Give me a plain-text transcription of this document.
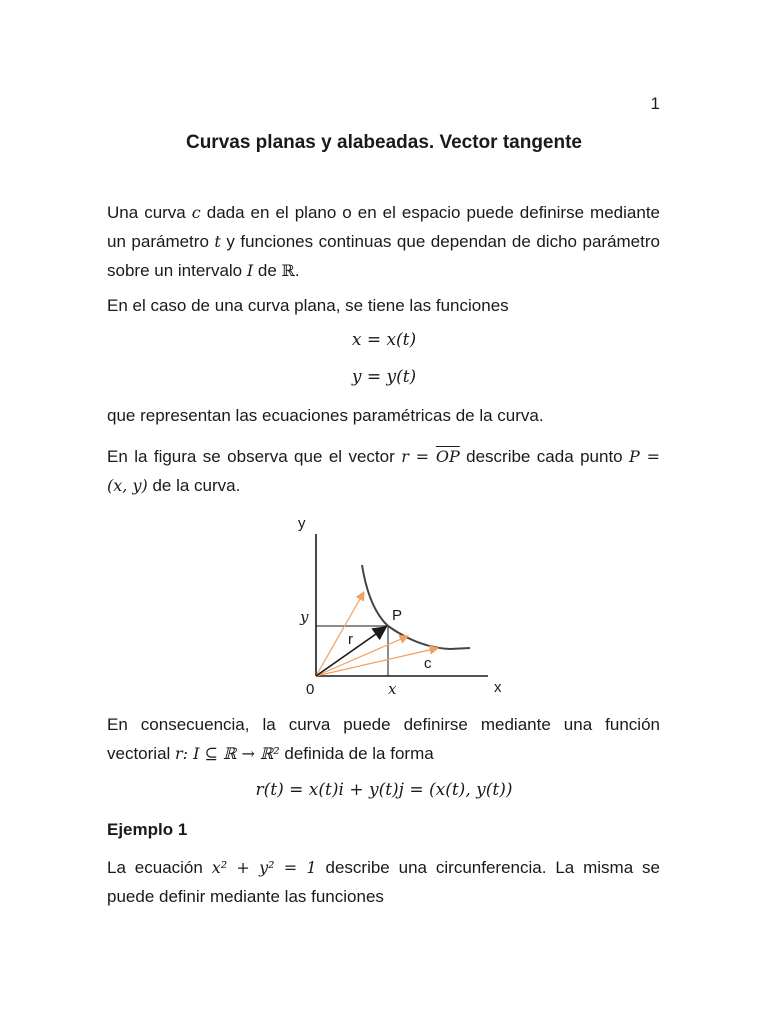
1
Curvas planas y alabeadas. Vector tangente
Una curva c dada en el plano o en el espacio puede definirse mediante un parámetro t y funciones continuas que dependan de dicho parámetro sobre un intervalo I de ℝ.
En el caso de una curva plana, se tiene las funciones
x = x(t)
y = y(t)
que representan las ecuaciones paramétricas de la curva.
En la figura se observa que el vector $r = \overline{OP}$ describe cada punto P = (x, y) de la curva.
y
x
0
y
x
P
r
c
En consecuencia, la curva puede definirse mediante una función vectorial r: I ⊆ ℝ → ℝ² definida de la forma
r(t) = x(t)i + y(t)j = (x(t), y(t))
Ejemplo 1
La ecuación x² + y² = 1 describe una circunferencia. La misma se puede definir mediante las funciones
